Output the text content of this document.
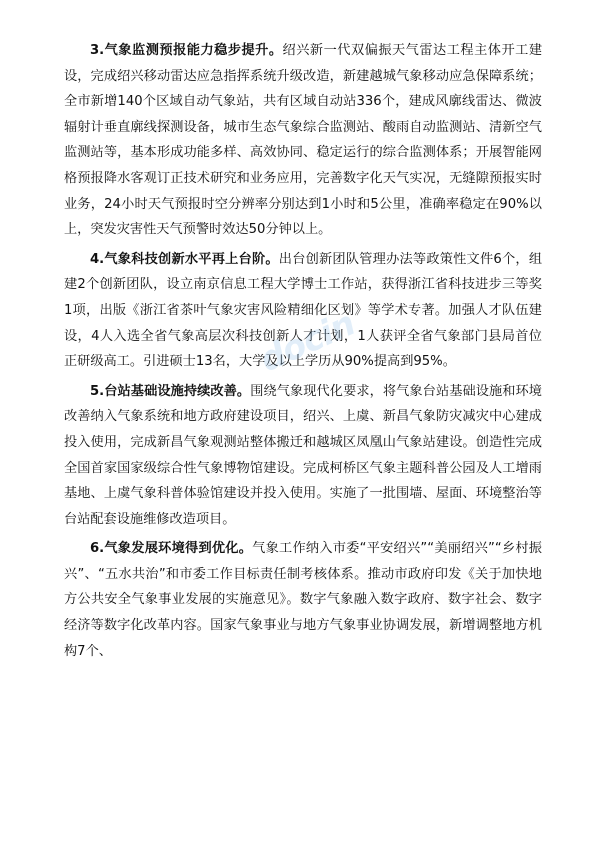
3.气象监测预报能力稳步提升。绍兴新一代双偏振天气雷达工程主体开工建设，完成绍兴移动雷达应急指挥系统升级改造，新建越城气象移动应急保障系统；全市新增140个区域自动气象站，共有区域自动站336个，建成风廓线雷达、微波辐射计垂直廓线探测设备，城市生态气象综合监测站、酸雨自动监测站、清新空气监测站等，基本形成功能多样、高效协同、稳定运行的综合监测体系；开展智能网格预报降水客观订正技术研究和业务应用，完善数字化天气实况，无缝隙预报实时业务，24小时天气预报时空分辨率分别达到1小时和5公里，准确率稳定在90%以上，突发灾害性天气预警时效达50分钟以上。

4.气象科技创新水平再上台阶。出台创新团队管理办法等政策性文件6个，组建2个创新团队，设立南京信息工程大学博士工作站，获得浙江省科技进步三等奖1项，出版《浙江省茶叶气象灾害风险精细化区划》等学术专著。加强人才队伍建设，4人入选全省气象高层次科技创新人才计划，1人获评全省气象部门县局首位正研级高工。引进硕士13名，大学及以上学历从90%提高到95%。

5.台站基础设施持续改善。围绕气象现代化要求，将气象台站基础设施和环境改善纳入气象系统和地方政府建设项目，绍兴、上虞、新昌气象防灾减灾中心建成投入使用，完成新昌气象观测站整体搬迁和越城区凤凰山气象站建设。创造性完成全国首家国家级综合性气象博物馆建设。完成柯桥区气象主题科普公园及人工增雨基地、上虞气象科普体验馆建设并投入使用。实施了一批围墙、屋面、环境整治等台站配套设施维修改造项目。

6.气象发展环境得到优化。气象工作纳入市委“平安绍兴”“美丽绍兴”“乡村振兴”、“五水共治”和市委工作目标责任制考核体系。推动市政府印发《关于加快地方公共安全气象事业发展的实施意见》。数字气象融入数字政府、数字社会、数字经济等数字化改革内容。国家气象事业与地方气象事业协调发展，新增调整地方机构7个、

docin
